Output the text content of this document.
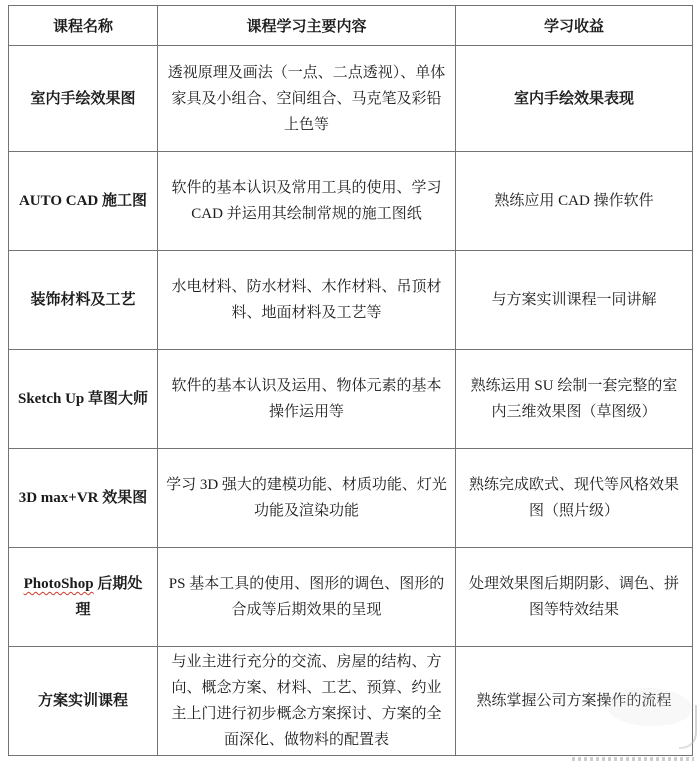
课程名称	课程学习主要内容	学习收益
室内手绘效果图	透视原理及画法（一点、二点透视）、单体家具及小组合、空间组合、马克笔及彩铅上色等	室内手绘效果表现
AUTO CAD 施工图	软件的基本认识及常用工具的使用、学习 CAD 并运用其绘制常规的施工图纸	熟练应用 CAD 操作软件
装饰材料及工艺	水电材料、防水材料、木作材料、吊顶材料、地面材料及工艺等	与方案实训课程一同讲解
Sketch Up 草图大师	软件的基本认识及运用、物体元素的基本操作运用等	熟练运用 SU 绘制一套完整的室内三维效果图（草图级）
3D max+VR 效果图	学习 3D 强大的建模功能、材质功能、灯光功能及渲染功能	熟练完成欧式、现代等风格效果图（照片级）
PhotoShop 后期处理	PS 基本工具的使用、图形的调色、图形的合成等后期效果的呈现	处理效果图后期阴影、调色、拼图等特效结果
方案实训课程	与业主进行充分的交流、房屋的结构、方向、概念方案、材料、工艺、预算、约业主上门进行初步概念方案探讨、方案的全面深化、做物料的配置表	熟练掌握公司方案操作的流程
